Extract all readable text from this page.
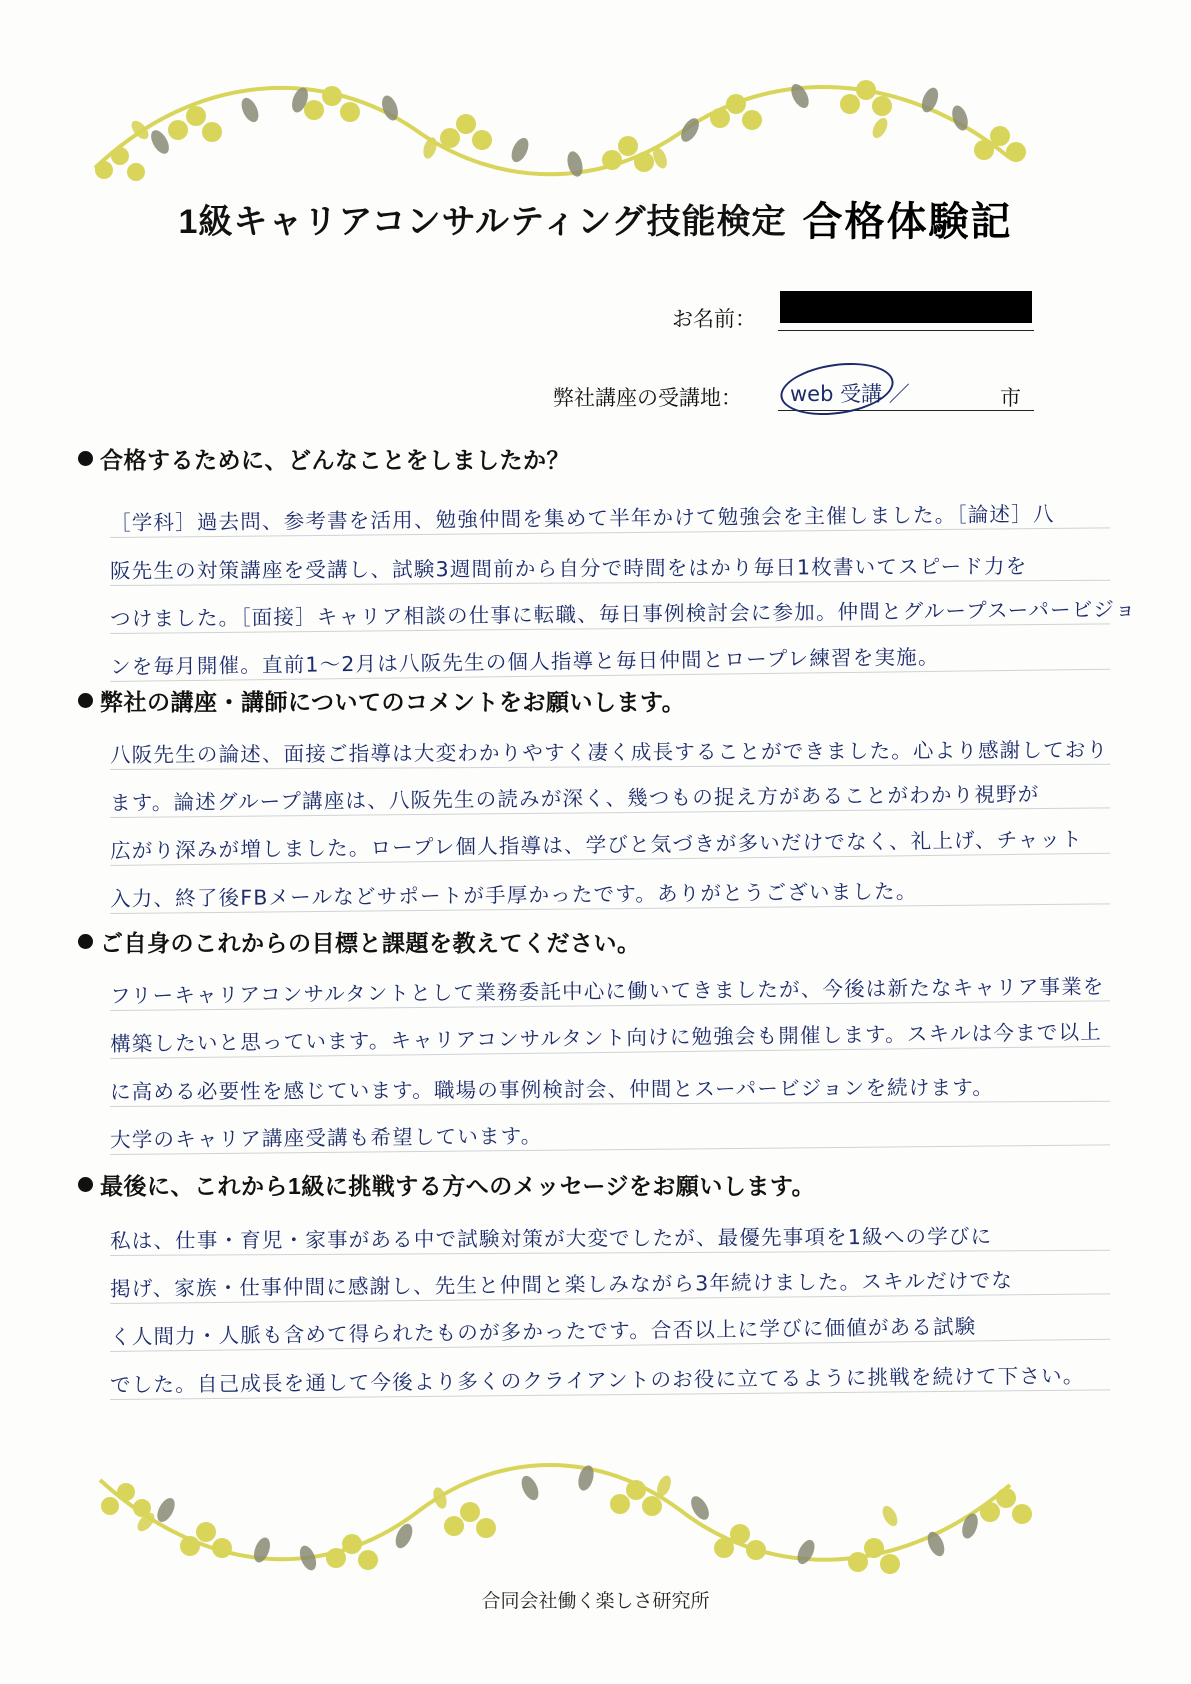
1級キャリアコンサルティング技能検定 合格体験記
お名前：
弊社講座の受講地： web 受講 ／	市
合格するために、どんなことをしましたか？
［学科］過去問、参考書を活用、勉強仲間を集めて半年かけて勉強会を主催しました。［論述］八
阪先生の対策講座を受講し、試験3週間前から自分で時間をはかり毎日1枚書いてスピード力を
つけました。［面接］キャリア相談の仕事に転職、毎日事例検討会に参加。仲間とグループスーパービジョ
ンを毎月開催。直前1〜2月は八阪先生の個人指導と毎日仲間とロープレ練習を実施。
弊社の講座・講師についてのコメントをお願いします。
八阪先生の論述、面接ご指導は大変わかりやすく凄く成長することができました。心より感謝しており
ます。論述グループ講座は、八阪先生の読みが深く、幾つもの捉え方があることがわかり視野が
広がり深みが増しました。ロープレ個人指導は、学びと気づきが多いだけでなく、礼上げ、チャット
入力、終了後FBメールなどサポートが手厚かったです。ありがとうございました。
ご自身のこれからの目標と課題を教えてください。
フリーキャリアコンサルタントとして業務委託中心に働いてきましたが、今後は新たなキャリア事業を
構築したいと思っています。キャリアコンサルタント向けに勉強会も開催します。スキルは今まで以上
に高める必要性を感じています。職場の事例検討会、仲間とスーパービジョンを続けます。
大学のキャリア講座受講も希望しています。
最後に、これから1級に挑戦する方へのメッセージをお願いします。
私は、仕事・育児・家事がある中で試験対策が大変でしたが、最優先事項を1級への学びに
掲げ、家族・仕事仲間に感謝し、先生と仲間と楽しみながら3年続けました。スキルだけでな
く人間力・人脈も含めて得られたものが多かったです。合否以上に学びに価値がある試験
でした。自己成長を通して今後より多くのクライアントのお役に立てるように挑戦を続けて下さい。
合同会社働く楽しさ研究所
